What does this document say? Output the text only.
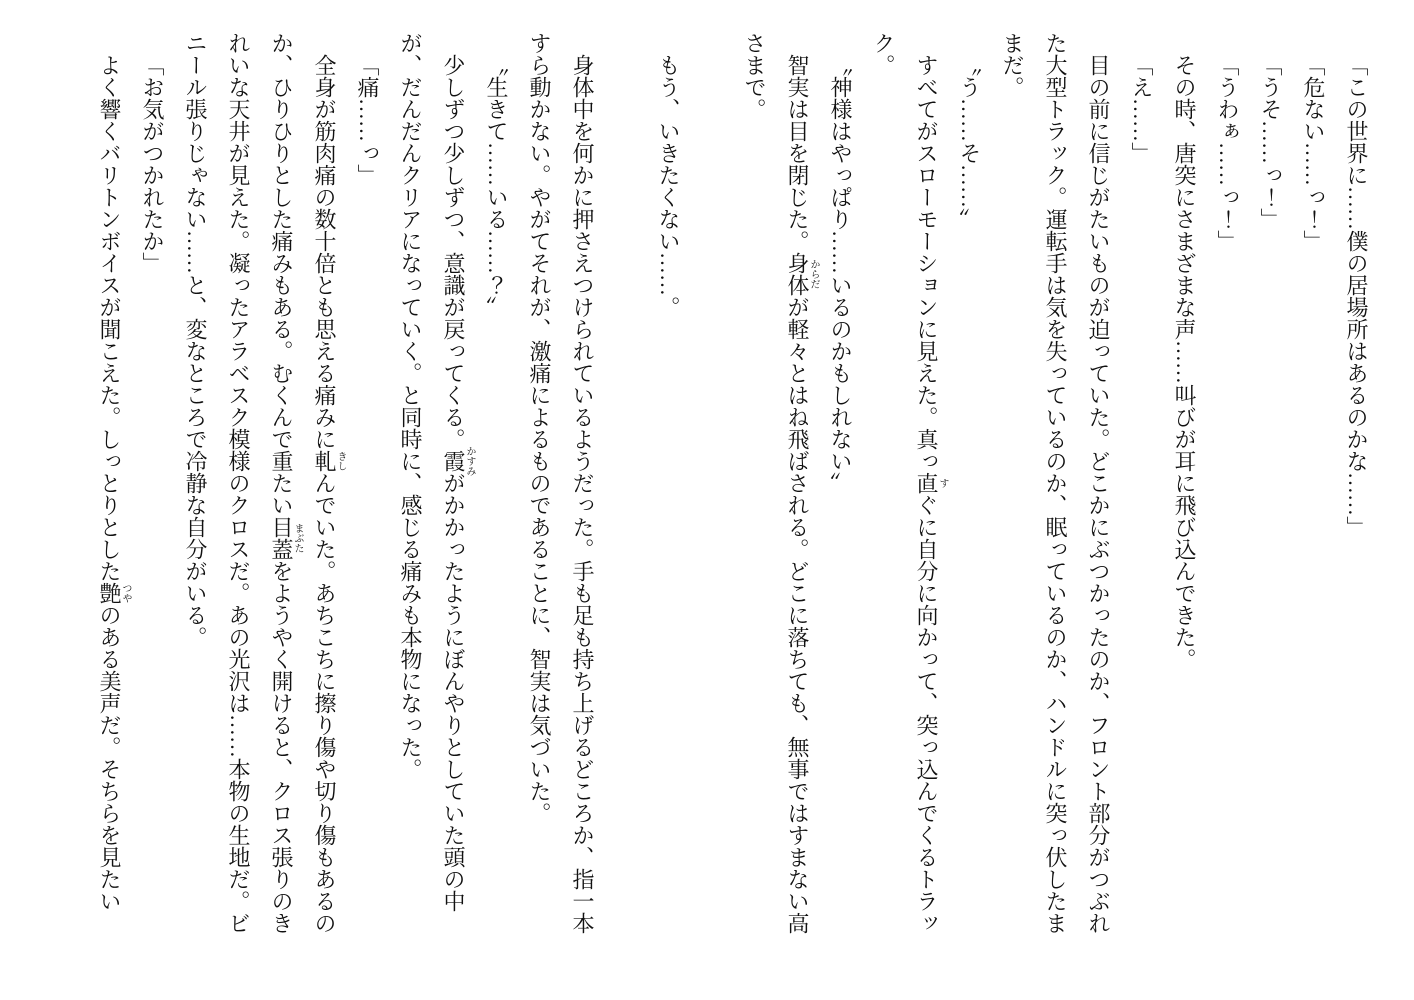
「この世界に……僕の居場所はあるのかな……」

「危ない……っ！」

「うそ……っ！」

「うわぁ……っ！」

その時、唐突にさまざまな声……叫びが耳に飛び込んできた。

「え……」

目の前に信じがたいものが迫っていた。どこかにぶつかったのか、フロント部分がつぶれた大型トラック。運転手は気を失っているのか、眠っているのか、ハンドルに突っ伏したままだ。

〝う……そ……〟

すべてがスローモーションに見えた。真っ直すぐに自分に向かって、突っ込んでくるトラック。

〝神様はやっぱり……いるのかもしれない〟

智実は目を閉じた。身体からだが軽々とはね飛ばされる。どこに落ちても、無事ではすまない高さまで。

もう、いきたくない……。

身体中を何かに押さえつけられているようだった。手も足も持ち上げるどころか、指一本すら動かない。やがてそれが、激痛によるものであることに、智実は気づいた。

〝生きて……いる……？〟

少しずつ少しずつ、意識が戻ってくる。霞かすみがかかったようにぼんやりとしていた頭の中が、だんだんクリアになっていく。と同時に、感じる痛みも本物になった。

「痛……っ」

全身が筋肉痛の数十倍とも思える痛みに軋きしんでいた。あちこちに擦り傷や切り傷もあるのか、ひりひりとした痛みもある。むくんで重たい目蓋まぶたをようやく開けると、クロス張りのきれいな天井が見えた。凝ったアラベスク模様のクロスだ。あの光沢は……本物の生地だ。ビニール張りじゃない……と、変なところで冷静な自分がいる。

「お気がつかれたか」

よく響くバリトンボイスが聞こえた。しっとりとした艶つやのある美声だ。そちらを見たい
